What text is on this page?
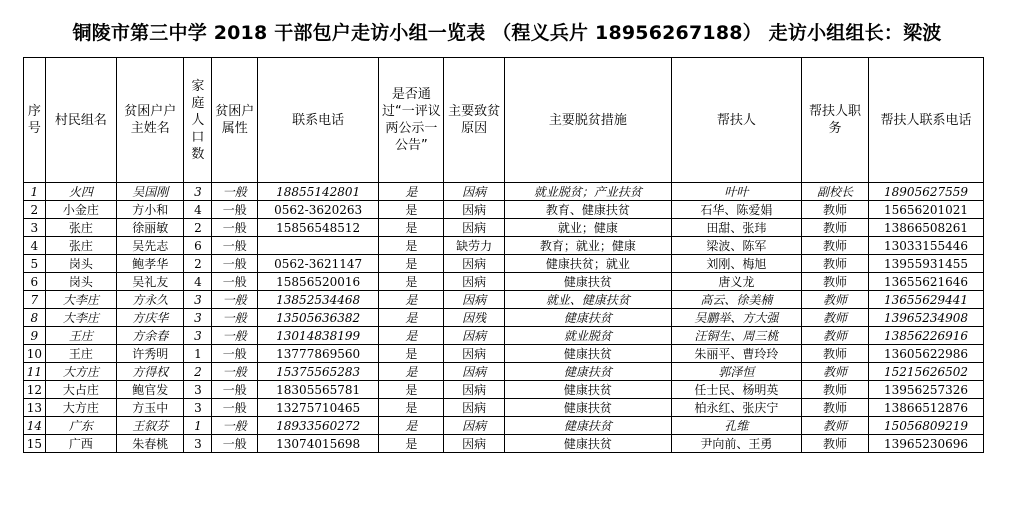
铜陵市第三中学 2018 干部包户走访小组一览表 （程义兵片 18956267188） 走访小组组长：梁波
序号	村民组名	贫困户户主姓名	家庭人口数	贫困户属性	联系电话	是否通过“一评议两公示一公告”	主要致贫原因	主要脱贫措施	帮扶人	帮扶人职务	帮扶人联系电话
1	火四	吴国刚	3	一般	18855142801	是	因病	就业脱贫；产业扶贫	叶叶	副校长	18905627559
2	小金庄	方小和	4	一般	0562-3620263	是	因病	教育、健康扶贫	石华、陈爱娟	教师	15656201021
3	张庄	徐丽敏	2	一般	15856548512	是	因病	就业；健康	田甜、张玮	教师	13866508261
4	张庄	吴先志	6	一般		是	缺劳力	教育；就业；健康	梁波、陈军	教师	13033155446
5	岗头	鲍孝华	2	一般	0562-3621147	是	因病	健康扶贫；就业	刘刚、梅旭	教师	13955931455
6	岗头	吴礼友	4	一般	15856520016	是	因病	健康扶贫	唐义龙	教师	13655621646
7	大李庄	方永久	3	一般	13852534468	是	因病	就业、健康扶贫	高云、徐美楠	教师	13655629441
8	大李庄	方庆华	3	一般	13505636382	是	因残	健康扶贫	吴鹏举、方大强	教师	13965234908
9	王庄	方余春	3	一般	13014838199	是	因病	就业脱贫	汪铜生、周三桃	教师	13856226916
10	王庄	许秀明	1	一般	13777869560	是	因病	健康扶贫	朱丽平、曹玲玲	教师	13605622986
11	大方庄	方得权	2	一般	15375565283	是	因病	健康扶贫	郭泽恒	教师	15215626502
12	大占庄	鲍官发	3	一般	18305565781	是	因病	健康扶贫	任士民、杨明英	教师	13956257326
13	大方庄	方玉中	3	一般	13275710465	是	因病	健康扶贫	柏永红、张庆宁	教师	13866512876
14	广东	王叙芬	1	一般	18933560272	是	因病	健康扶贫	孔维	教师	15056809219
15	广西	朱春桃	3	一般	13074015698	是	因病	健康扶贫	尹向前、王勇	教师	13965230696
